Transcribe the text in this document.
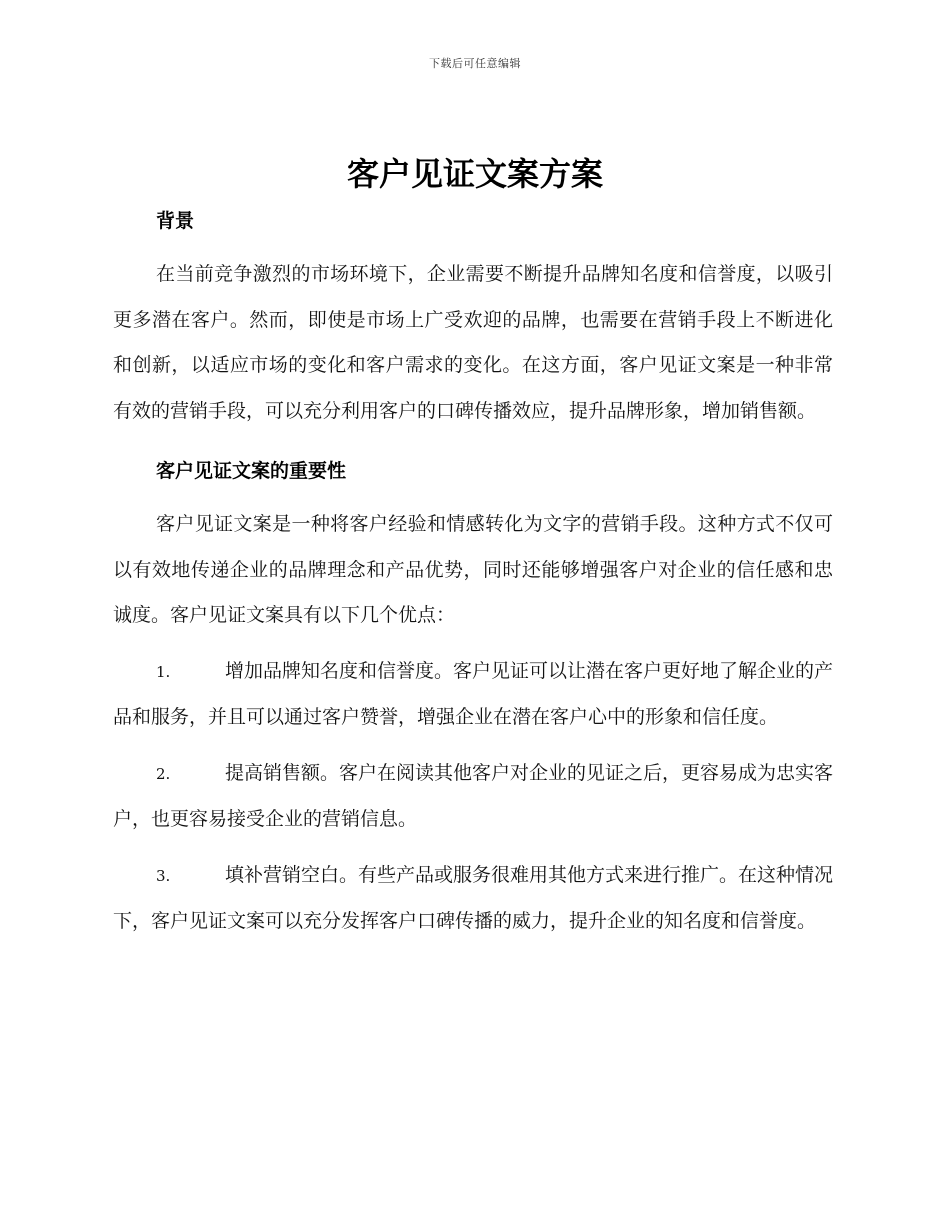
下载后可任意编辑
客户见证文案方案
背景

在当前竞争激烈的市场环境下，企业需要不断提升品牌知名度和信誉度，以吸引更多潜在客户。然而，即使是市场上广受欢迎的品牌，也需要在营销手段上不断进化和创新，以适应市场的变化和客户需求的变化。在这方面，客户见证文案是一种非常有效的营销手段，可以充分利用客户的口碑传播效应，提升品牌形象，增加销售额。

客户见证文案的重要性

客户见证文案是一种将客户经验和情感转化为文字的营销手段。这种方式不仅可以有效地传递企业的品牌理念和产品优势，同时还能够增强客户对企业的信任感和忠诚度。客户见证文案具有以下几个优点：

1.	增加品牌知名度和信誉度。客户见证可以让潜在客户更好地了解企业的产品和服务，并且可以通过客户赞誉，增强企业在潜在客户心中的形象和信任度。

2.	提高销售额。客户在阅读其他客户对企业的见证之后，更容易成为忠实客户，也更容易接受企业的营销信息。

3.	填补营销空白。有些产品或服务很难用其他方式来进行推广。在这种情况下，客户见证文案可以充分发挥客户口碑传播的威力，提升企业的知名度和信誉度。
